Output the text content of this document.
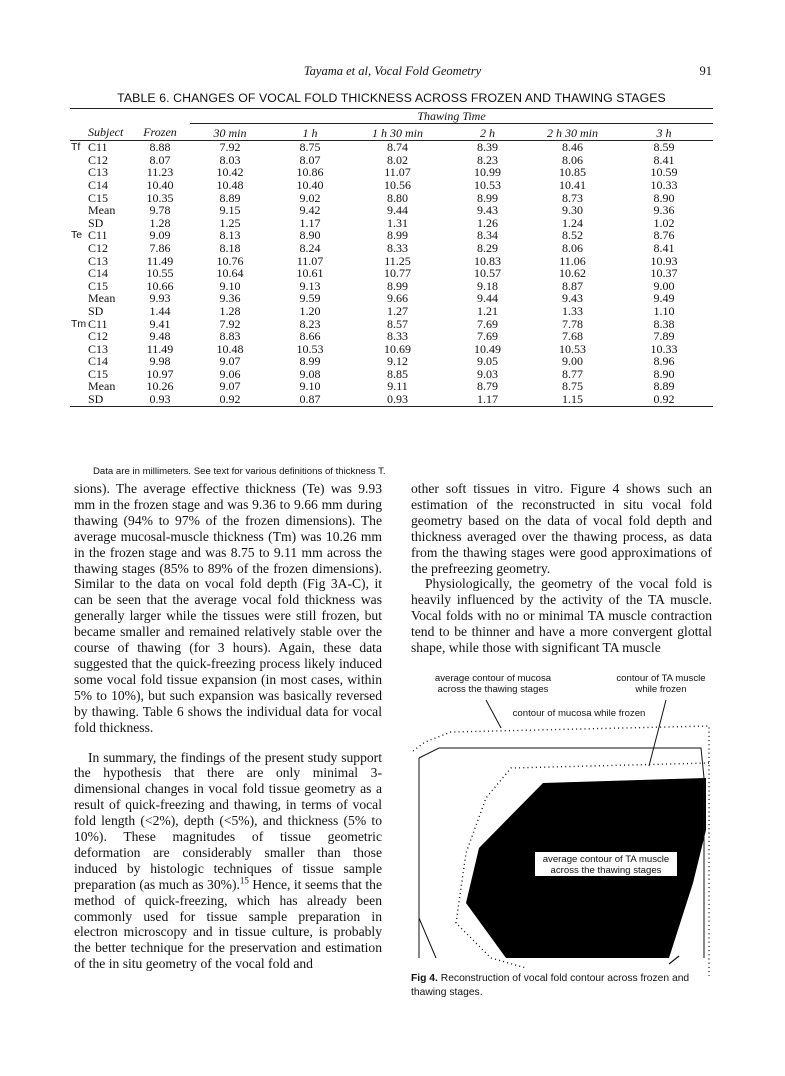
Tayama et al, Vocal Fold Geometry	91
TABLE 6. CHANGES OF VOCAL FOLD THICKNESS ACROSS FROZEN AND THAWING STAGES
		Thawing Time					
Subject	Frozen	30 min	1 h	1 h 30 min	2 h	2 h 30 min	3 h

Tf C11	8.88	7.92	8.75	8.74	8.39	8.46	8.59
C12	8.07	8.03	8.07	8.02	8.23	8.06	8.41
C13	11.23	10.42	10.86	11.07	10.99	10.85	10.59
C14	10.40	10.48	10.40	10.56	10.53	10.41	10.33
C15	10.35	8.89	9.02	8.80	8.99	8.73	8.90
Mean	9.78	9.15	9.42	9.44	9.43	9.30	9.36
SD	1.28	1.25	1.17	1.31	1.26	1.24	1.02

Te C11	9.09	8.13	8.90	8.99	8.34	8.52	8.76
C12	7.86	8.18	8.24	8.33	8.29	8.06	8.41
C13	11.49	10.76	11.07	11.25	10.83	11.06	10.93
C14	10.55	10.64	10.61	10.77	10.57	10.62	10.37
C15	10.66	9.10	9.13	8.99	9.18	8.87	9.00
Mean	9.93	9.36	9.59	9.66	9.44	9.43	9.49
SD	1.44	1.28	1.20	1.27	1.21	1.33	1.10

Tm C11	9.41	7.92	8.23	8.57	7.69	7.78	8.38
C12	9.48	8.83	8.66	8.33	7.69	7.68	7.89
C13	11.49	10.48	10.53	10.69	10.49	10.53	10.33
C14	9.98	9.07	8.99	9.12	9.05	9.00	8.96
C15	10.97	9.06	9.08	8.85	9.03	8.77	8.90
Mean	10.26	9.07	9.10	9.11	8.79	8.75	8.89
SD	0.93	0.92	0.87	0.93	1.17	1.15	0.92
Data are in millimeters. See text for various definitions of thickness T.

sions). The average effective thickness (Te) was 9.93 mm in the frozen stage and was 9.36 to 9.66 mm during thawing (94% to 97% of the frozen dimensions). The average mucosal-muscle thickness (Tm) was 10.26 mm in the frozen stage and was 8.75 to 9.11 mm across the thawing stages (85% to 89% of the frozen dimensions). Similar to the data on vocal fold depth (Fig 3A-C), it can be seen that the average vocal fold thickness was generally larger while the tissues were still frozen, but became smaller and remained relatively stable over the course of thawing (for 3 hours). Again, these data suggested that the quick-freezing process likely induced some vocal fold tissue expansion (in most cases, within 5% to 10%), but such expansion was basically reversed by thawing. Table 6 shows the individual data for vocal fold thickness.

In summary, the findings of the present study support the hypothesis that there are only minimal 3-dimensional changes in vocal fold tissue geometry as a result of quick-freezing and thawing, in terms of vocal fold length (<2%), depth (<5%), and thickness (5% to 10%). These magnitudes of tissue geometric deformation are considerably smaller than those induced by histologic techniques of tissue sample preparation (as much as 30%).$^{15}$ Hence, it seems that the method of quick-freezing, which has already been commonly used for tissue sample preparation in electron microscopy and in tissue culture, is probably the better technique for the preservation and estimation of the in situ geometry of the vocal fold and

other soft tissues in vitro. Figure 4 shows such an estimation of the reconstructed in situ vocal fold geometry based on the data of vocal fold depth and thickness averaged over the thawing process, as data from the thawing stages were good approximations of the prefreezing geometry.

Physiologically, the geometry of the vocal fold is heavily influenced by the activity of the TA muscle. Vocal folds with no or minimal TA muscle contraction tend to be thinner and have a more convergent glottal shape, while those with significant TA muscle

average contour of mucosa
across the thawing stages
contour of TA muscle
while frozen
contour of mucosa while frozen
average contour of TA muscle
across the thawing stages
Fig 4. Reconstruction of vocal fold contour across frozen and thawing stages.
